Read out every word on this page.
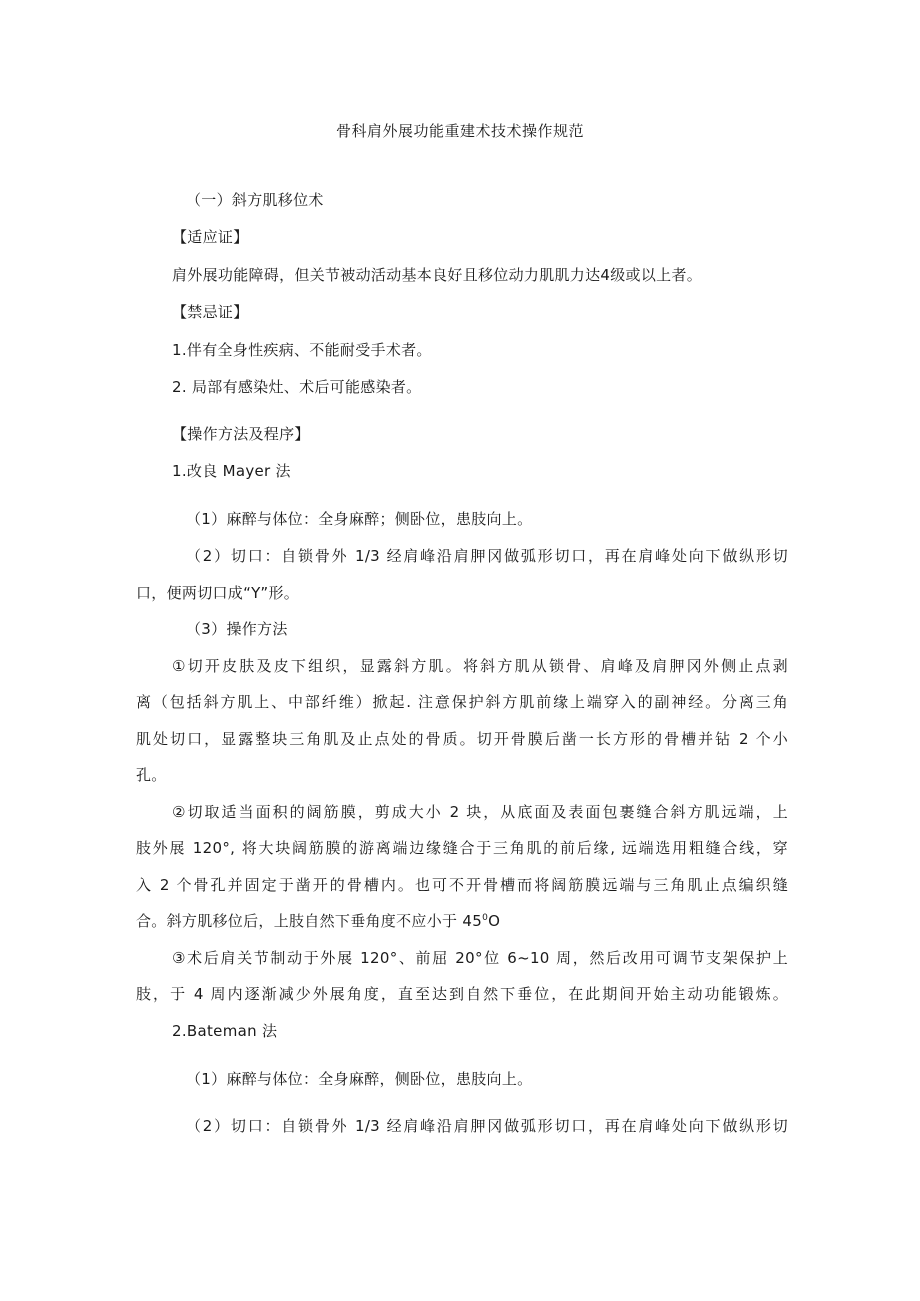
骨科肩外展功能重建术技术操作规范
（一）斜方肌移位术
【适应证】
肩外展功能障碍，但关节被动活动基本良好且移位动力肌肌力达4级或以上者。
【禁忌证】
1.伴有全身性疾病、不能耐受手术者。
2. 局部有感染灶、术后可能感染者。
【操作方法及程序】
1.改良 Mayer 法
（1）麻醉与体位：全身麻醉；侧卧位，患肢向上。
（2）切口：自锁骨外 1/3 经肩峰沿肩胛冈做弧形切口，再在肩峰处向下做纵形切
口，便两切口成“Y”形。
（3）操作方法
①切开皮肤及皮下组织，显露斜方肌。将斜方肌从锁骨、肩峰及肩胛冈外侧止点剥
离（包括斜方肌上、中部纤维）掀起. 注意保护斜方肌前缘上端穿入的副神经。分离三角
肌处切口，显露整块三角肌及止点处的骨质。切开骨膜后凿一长方形的骨槽并钻 2 个小
孔。
②切取适当面积的阔筋膜，剪成大小 2 块，从底面及表面包裹缝合斜方肌远端，上
肢外展 120°, 将大块阔筋膜的游离端边缘缝合于三角肌的前后缘, 远端选用粗缝合线，穿
入 2 个骨孔并固定于凿开的骨槽内。也可不开骨槽而将阔筋膜远端与三角肌止点编织缝
合。斜方肌移位后，上肢自然下垂角度不应小于 $45^0O$
③术后肩关节制动于外展 120°、前屈 20°位 6~10 周，然后改用可调节支架保护上
肢，于 4 周内逐渐减少外展角度，直至达到自然下垂位，在此期间开始主动功能锻炼。
2.Bateman 法
（1）麻醉与体位：全身麻醉，侧卧位，患肢向上。
（2）切口：自锁骨外 1/3 经肩峰沿肩胛冈做弧形切口，再在肩峰处向下做纵形切
